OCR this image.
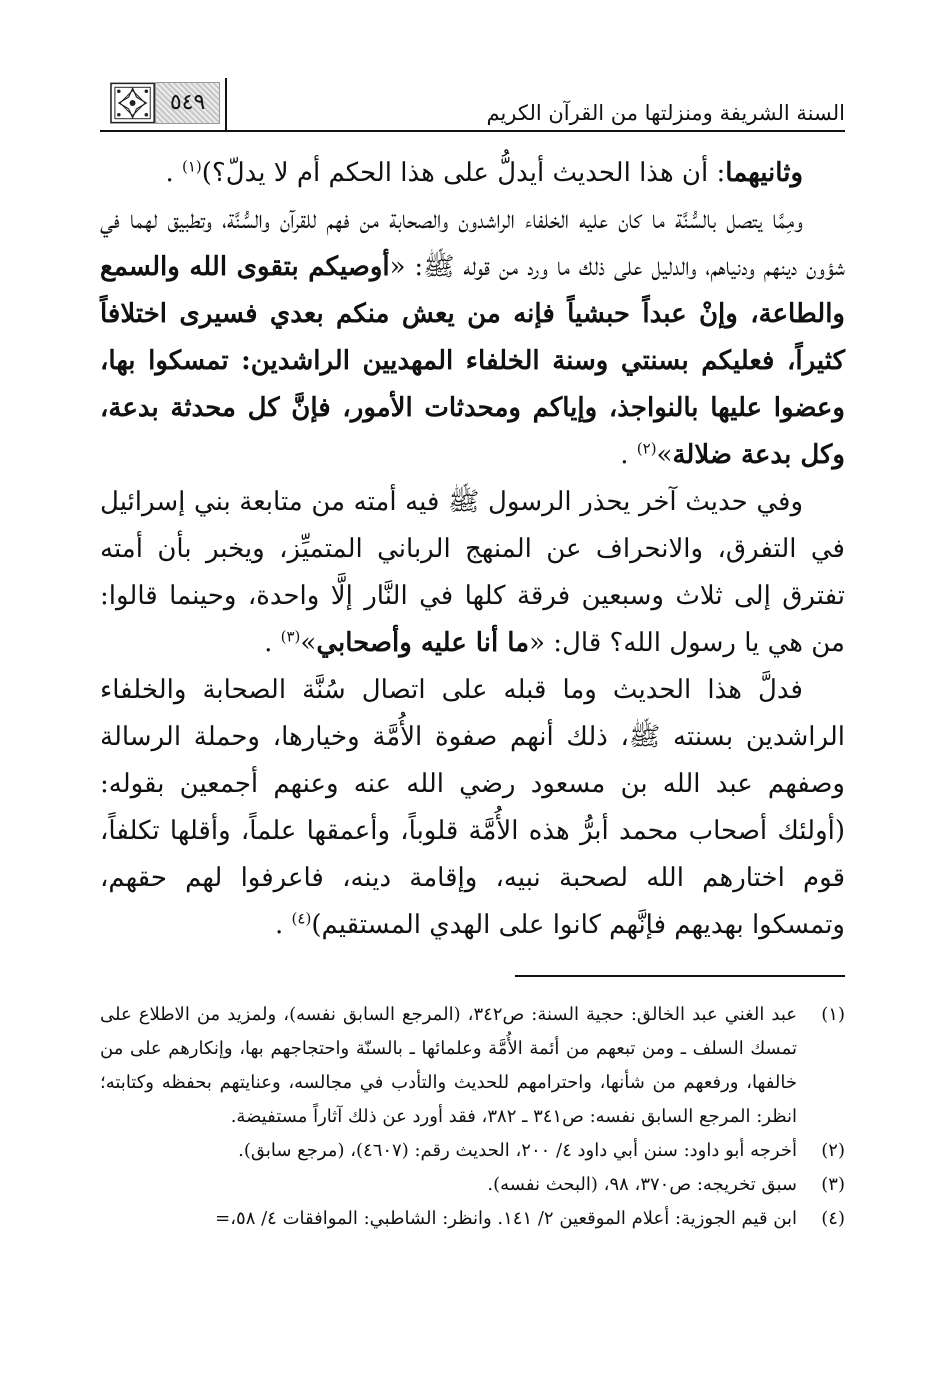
السنة الشريفة ومنزلتها من القرآن الكريم
٥٤٩

وثانيهما: أن هذا الحديث أيدلُّ على هذا الحكم أم لا يدلّ؟)$^{(١)}$ .

ومِمَّا يتصل بالسُّنَّة ما كان عليه الخلفاء الراشدون والصحابة من فهم للقرآن والسُّنَّة، وتطبيق لهما في شؤون دينهم ودنياهم، والدليل على ذلك ما ورد من قوله ﷺ: «أوصيكم بتقوى الله والسمع والطاعة، وإنْ عبداً حبشياً فإنه من يعش منكم بعدي فسيرى اختلافاً كثيراً، فعليكم بسنتي وسنة الخلفاء المهديين الراشدين: تمسكوا بها، وعضوا عليها بالنواجذ، وإياكم ومحدثات الأمور، فإنَّ كل محدثة بدعة، وكل بدعة ضلالة»$^{(٢)}$ .

وفي حديث آخر يحذر الرسول ﷺ فيه أمته من متابعة بني إسرائيل في التفرق، والانحراف عن المنهج الرباني المتميِّز، ويخبر بأن أمته تفترق إلى ثلاث وسبعين فرقة كلها في النَّار إلَّا واحدة، وحينما قالوا: من هي يا رسول الله؟ قال: «ما أنا عليه وأصحابي»$^{(٣)}$ .

فدلَّ هذا الحديث وما قبله على اتصال سُنَّة الصحابة والخلفاء الراشدين بسنته ﷺ، ذلك أنهم صفوة الأُمَّة وخيارها، وحملة الرسالة وصفهم عبد الله بن مسعود رضي الله عنه وعنهم أجمعين بقوله: (أولئك أصحاب محمد أبرُّ هذه الأُمَّة قلوباً، وأعمقها علماً، وأقلها تكلفاً، قوم اختارهم الله لصحبة نبيه، وإقامة دينه، فاعرفوا لهم حقهم، وتمسكوا بهديهم فإنَّهم كانوا على الهدي المستقيم)$^{(٤)}$ .

(١)
عبد الغني عبد الخالق: حجية السنة: ص٣٤٢، (المرجع السابق نفسه)، ولمزيد من الاطلاع على تمسك السلف ـ ومن تبعهم من أئمة الأُمَّة وعلمائها ـ بالسنّة واحتجاجهم بها، وإنكارهم على من خالفها، ورفعهم من شأنها، واحترامهم للحديث والتأدب في مجالسه، وعنايتهم بحفظه وكتابته؛ انظر: المرجع السابق نفسه: ص٣٤١ ـ ٣٨٢، فقد أورد عن ذلك آثاراً مستفيضة.
(٢)
أخرجه أبو داود: سنن أبي داود ٤/ ٢٠٠، الحديث رقم: (٤٦٠٧)، (مرجع سابق).
(٣)
سبق تخريجه: ص٣٧٠، ٩٨، (البحث نفسه).
(٤)
ابن قيم الجوزية: أعلام الموقعين ٢/ ١٤١. وانظر: الشاطبي: الموافقات ٤/ ٥٨،=
